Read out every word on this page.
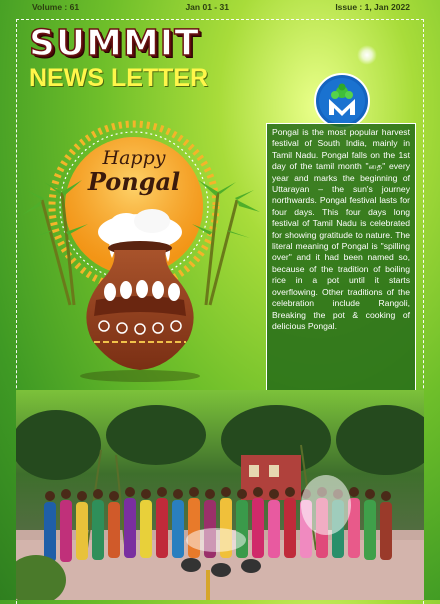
Volume : 61	Jan 01 - 31	Issue : 1, Jan 2022
SUMMIT
NEWS LETTER
Happy
Pongal

Pongal is the most popular harvest festival of South India, mainly in Tamil Nadu. Pongal falls on the 1st day of the tamil month "தை" every year and marks the beginning of Uttarayan – the sun's journey northwards. Pongal festival lasts for four days. This four days long festival of Tamil Nadu is celebrated for showing gratitude to nature. The literal meaning of Pongal is "spilling over" and it had been named so, because of the tradition of boiling rice in a pot until it starts overflowing. Other traditions of the celebration include Rangoli, Breaking the pot & cooking of delicious Pongal.
